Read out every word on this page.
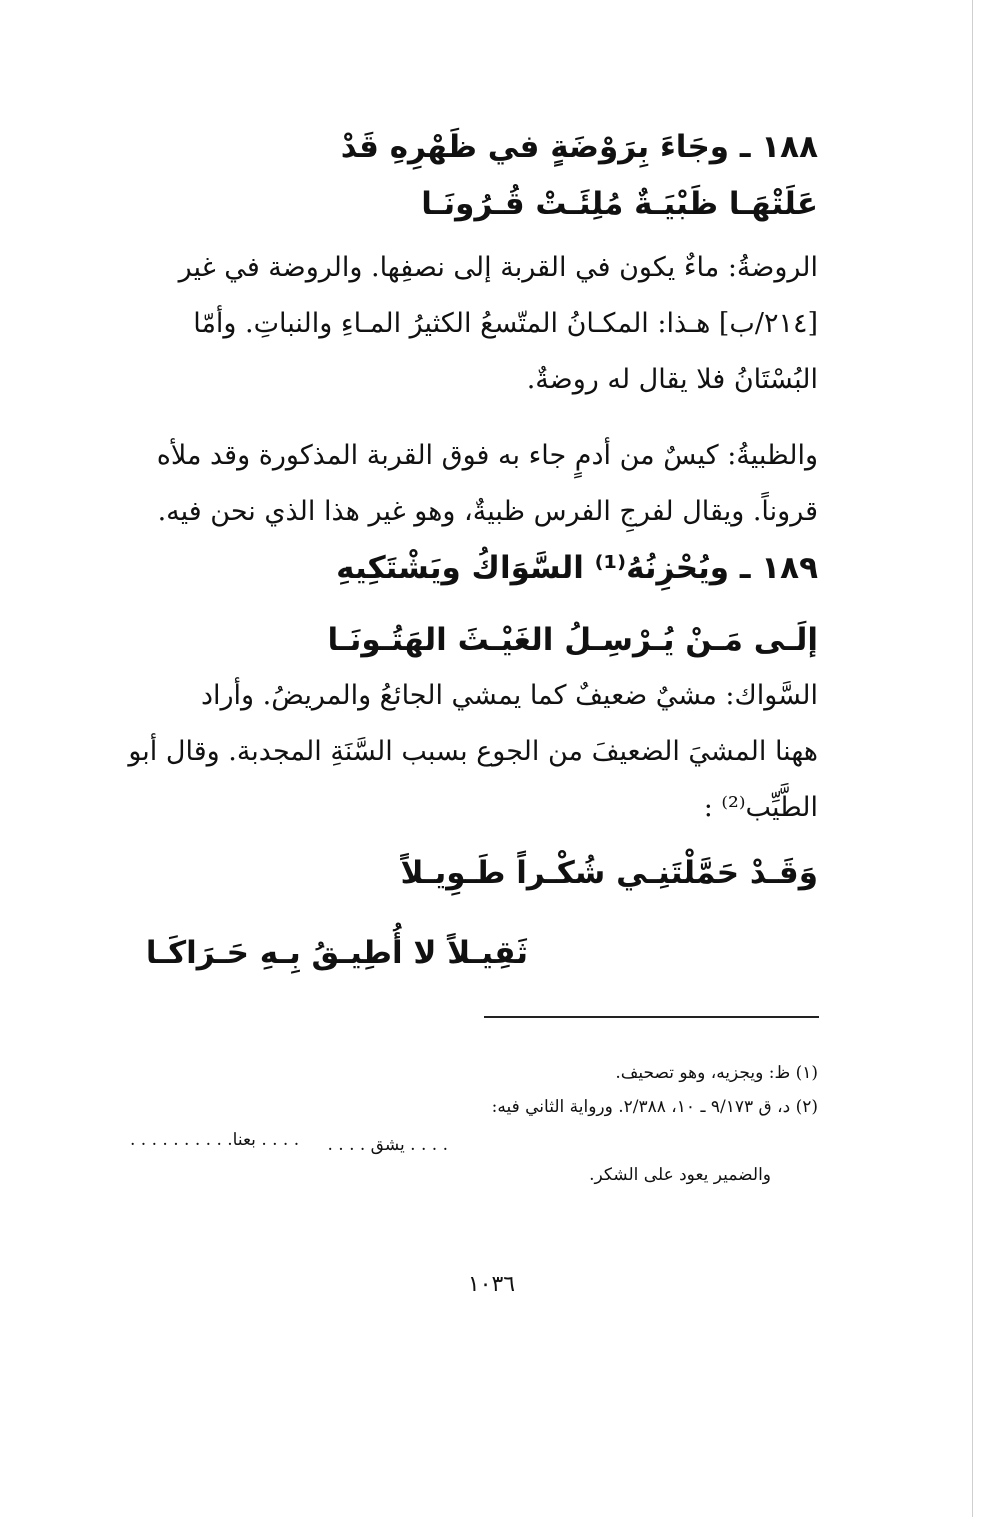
١٨٨ ـ وجَاءَ بِرَوْضَةٍ في ظَهْرِهِ قَدْ
عَلَتْهَـا ظَبْيَـةٌ مُلِئَـتْ قُـرُونَـا
الروضةُ: ماءٌ يكون في القربة إلى نصفِها. والروضة في غير
[٢١٤/ب] هـذا: المكـانُ المتّسعُ الكثيرُ المـاءِ والنباتِ. وأمّا
البُسْتَانُ فلا يقال له روضةٌ.
والظبيةُ: كيسٌ من أدمٍ جاء به فوق القربة المذكورة وقد ملأه
قروناً. ويقال لفرجِ الفرس ظبيةٌ، وهو غير هذا الذي نحن فيه.
١٨٩ ـ ويُحْزِنُهُ⁽¹⁾ السَّوَاكُ ويَشْتَكِيهِ
إلَـى مَـنْ يُـرْسِـلُ الغَيْـثَ الهَتُـونَـا
السَّواك: مشيٌ ضعيفٌ كما يمشي الجائعُ والمريضُ. وأراد
ههنا المشيَ الضعيفَ من الجوع بسبب السَّنَةِ المجدبة. وقال أبو
الطَّيِّب⁽²⁾ :
وَقَـدْ حَمَّلْتَنِـي شُكْـراً طَـوِيـلاً
ثَقِيـلاً لا أُطِيـقُ بِـهِ حَـرَاكَـا
(١) ظ: ويجزيه، وهو تصحيف.
(٢) د، ق ٩/١٧٣ ـ ١٠، ٢/٣٨٨. ورواية الثاني فيه:
. . . . يشق . . . .
. . . . بعنا. . . . . . . . . .
والضمير يعود على الشكر.
١٠٣٦
